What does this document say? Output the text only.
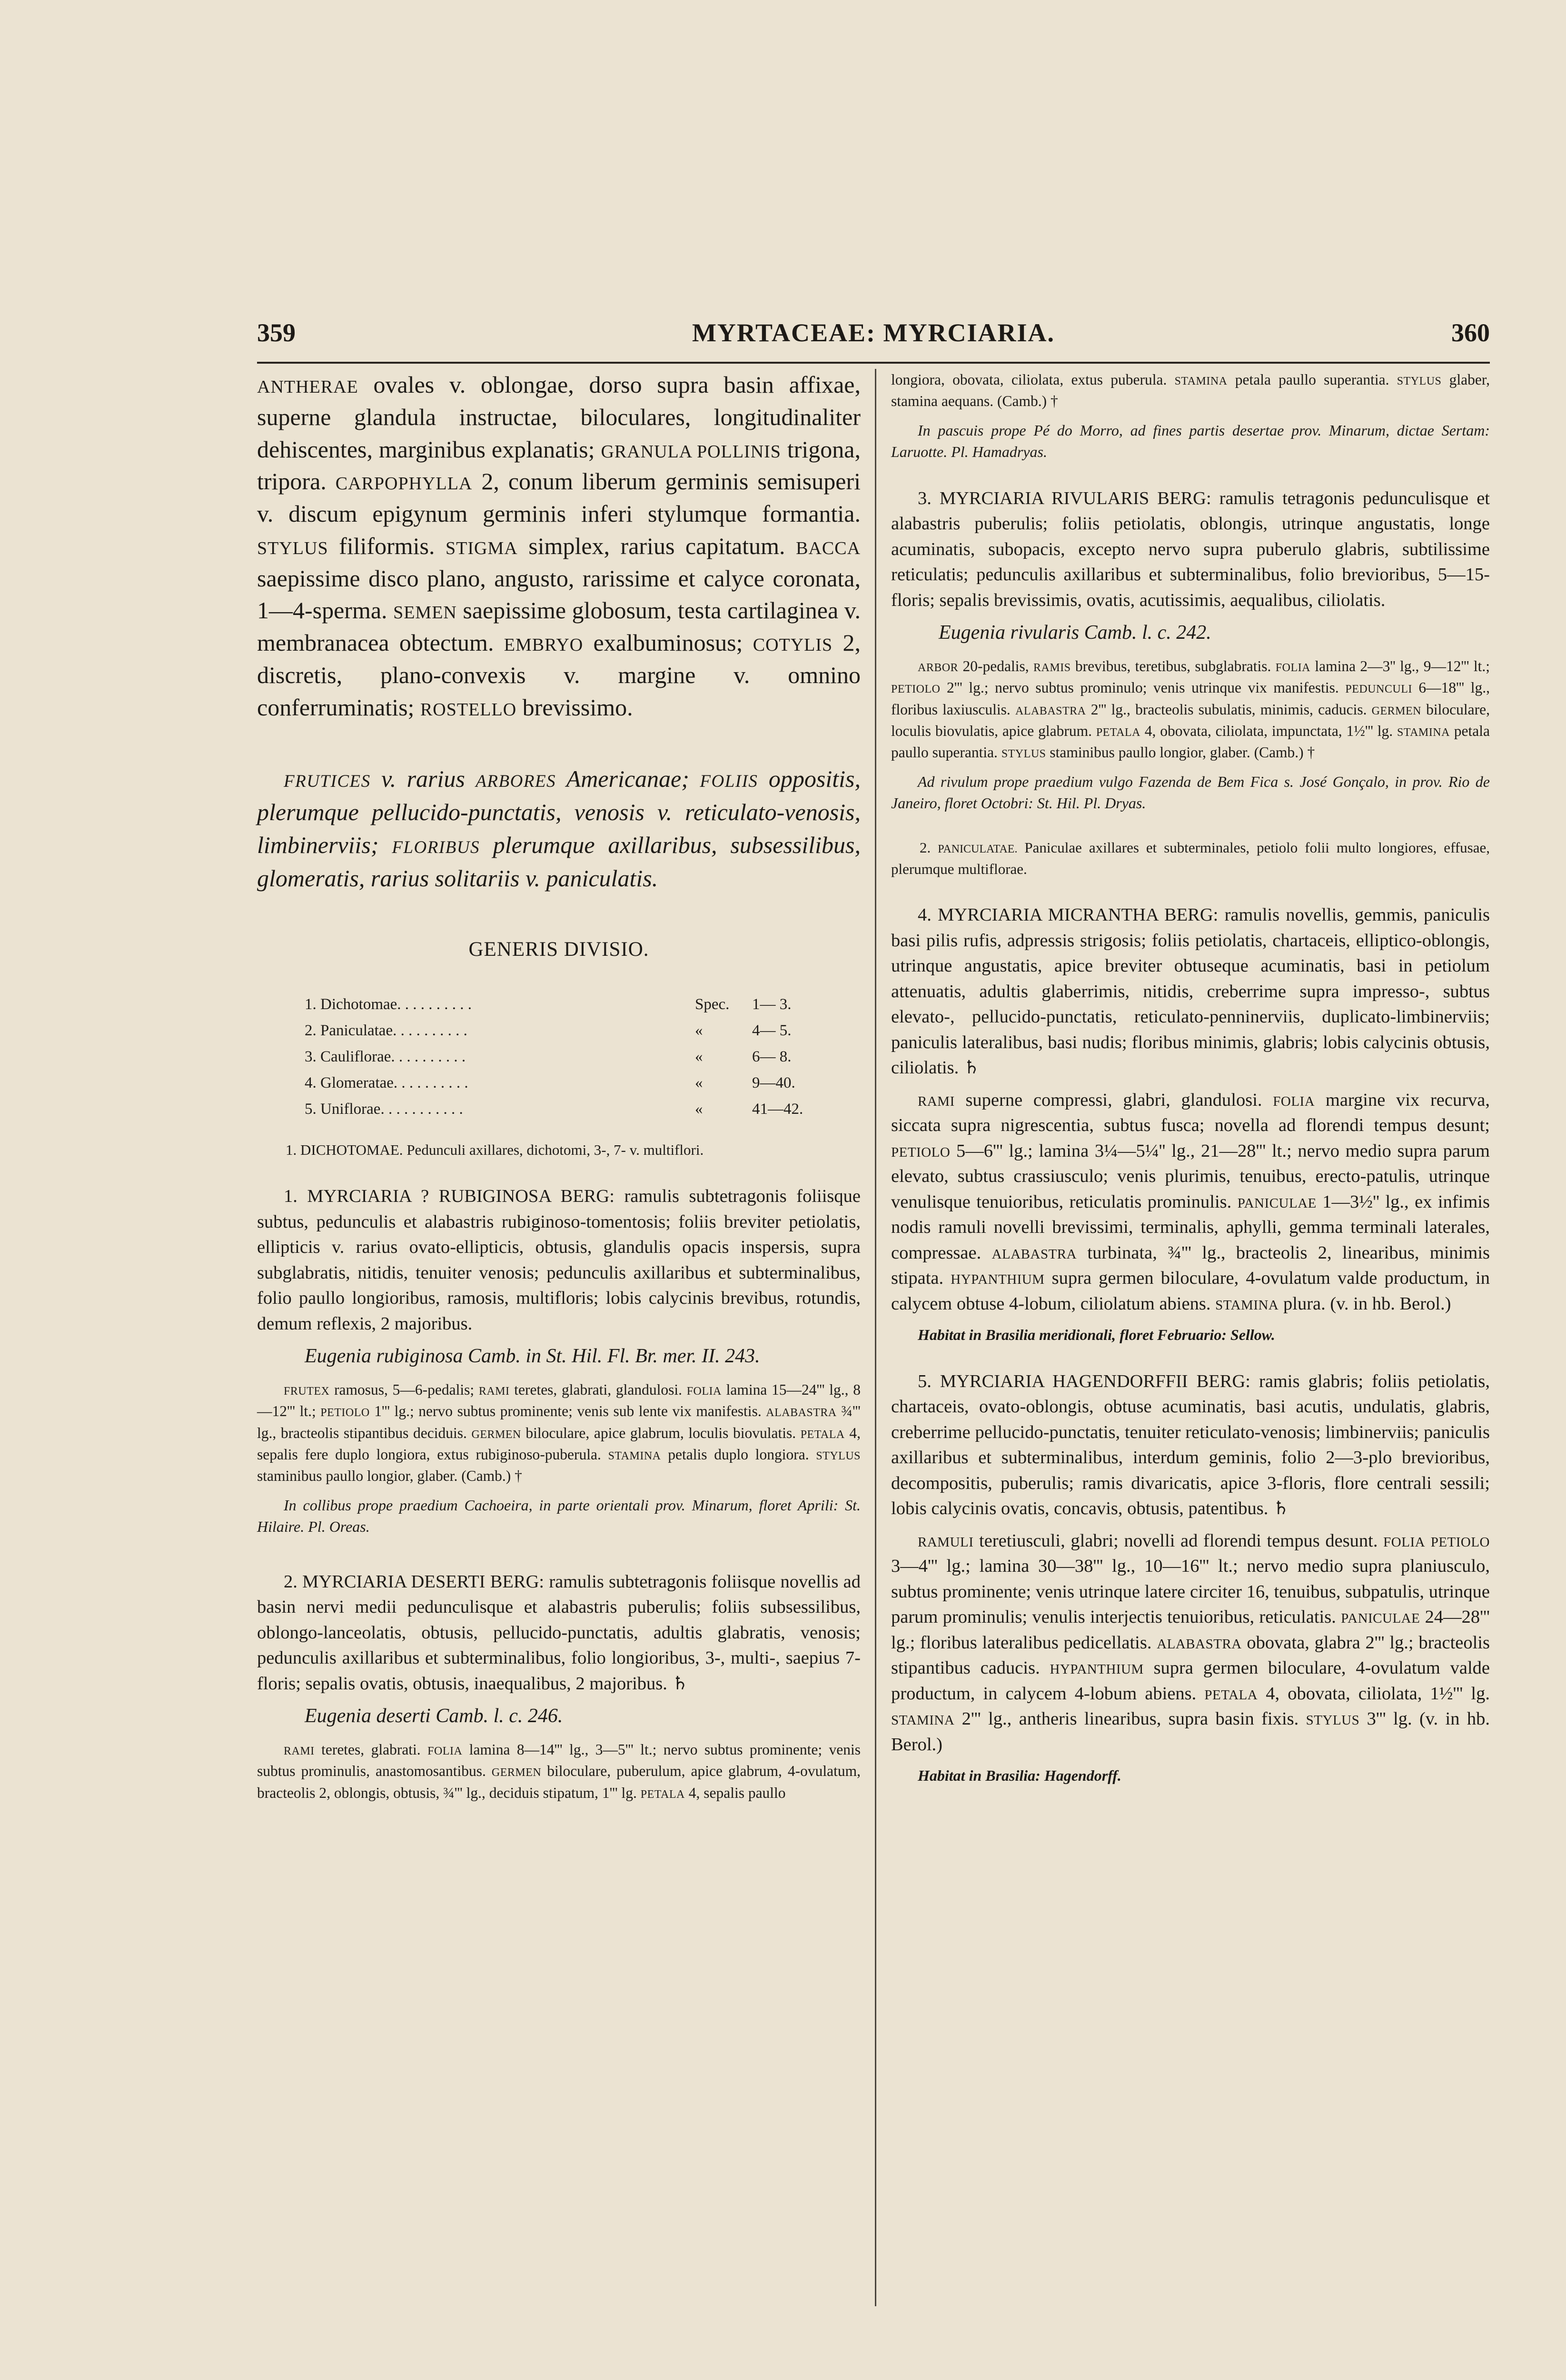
359	MYRTACEAE: MYRCIARIA.	360

ANTHERAE ovales v. oblongae, dorso supra basin affixae, superne glandula instructae, biloculares, longitudinaliter dehiscentes, marginibus explanatis; GRANULA POLLINIS trigona, tripora. CARPOPHYLLA 2, conum liberum germinis semisuperi v. discum epigynum germinis inferi stylumque formantia. STYLUS filiformis. STIGMA simplex, rarius capitatum. BACCA saepissime disco plano, angusto, rarissime et calyce coronata, 1—4-sperma. SEMEN saepissime globosum, testa cartilaginea v. membranacea obtectum. EMBRYO exalbuminosus; COTYLIS 2, discretis, plano-convexis v. margine v. omnino conferruminatis; ROSTELLO brevissimo.

FRUTICES v. rarius ARBORES Americanae; FOLIIS oppositis, plerumque pellucido-punctatis, venosis v. reticulato-venosis, limbinerviis; FLORIBUS plerumque axillaribus, subsessilibus, glomeratis, rarius solitariis v. paniculatis.

GENERIS DIVISIO.
1. Dichotomae. . . . . . . . . .	Spec. 1— 3.
2. Paniculatae. . . . . . . . . .	«	4— 5.
3. Cauliflorae. . . . . . . . . .	«	6— 8.
4. Glomeratae. . . . . . . . . .	«	9—40.
5. Uniflorae. . . . . . . . . . .	«	41—42.

1. DICHOTOMAE. Pedunculi axillares, dichotomi, 3-, 7- v. multiflori.

1. MYRCIARIA ? RUBIGINOSA BERG: ramulis subtetragonis foliisque subtus, pedunculis et alabastris rubiginoso-tomentosis; foliis breviter petiolatis, ellipticis v. rarius ovato-ellipticis, obtusis, glandulis opacis inspersis, supra subglabratis, nitidis, tenuiter venosis; pedunculis axillaribus et subterminalibus, folio paullo longioribus, ramosis, multifloris; lobis calycinis brevibus, rotundis, demum reflexis, 2 majoribus.

Eugenia rubiginosa Camb. in St. Hil. Fl. Br. mer. II. 243.

FRUTEX ramosus, 5—6-pedalis; RAMI teretes, glabrati, glandulosi. FOLIA lamina 15—24''' lg., 8—12''' lt.; PETIOLO 1''' lg.; nervo subtus prominente; venis sub lente vix manifestis. ALABASTRA ¾''' lg., bracteolis stipantibus deciduis. GERMEN biloculare, apice glabrum, loculis biovulatis. PETALA 4, sepalis fere duplo longiora, extus rubiginoso-puberula. STAMINA petalis duplo longiora. STYLUS staminibus paullo longior, glaber. (Camb.) †

In collibus prope praedium Cachoeira, in parte orientali prov. Minarum, floret Aprili: St. Hilaire. Pl. Oreas.

2. MYRCIARIA DESERTI BERG: ramulis subtetragonis foliisque novellis ad basin nervi medii pedunculisque et alabastris puberulis; foliis subsessilibus, oblongo-lanceolatis, obtusis, pellucido-punctatis, adultis glabratis, venosis; pedunculis axillaribus et subterminalibus, folio longioribus, 3-, multi-, saepius 7-floris; sepalis ovatis, obtusis, inaequalibus, 2 majoribus. ♄

Eugenia deserti Camb. l. c. 246.

RAMI teretes, glabrati. FOLIA lamina 8—14''' lg., 3—5''' lt.; nervo subtus prominente; venis subtus prominulis, anastomosantibus. GERMEN biloculare, puberulum, apice glabrum, 4-ovulatum, bracteolis 2, oblongis, obtusis, ¾''' lg., deciduis stipatum, 1''' lg. PETALA 4, sepalis paullo

longiora, obovata, ciliolata, extus puberula. STAMINA petala paullo superantia. STYLUS glaber, stamina aequans. (Camb.) †

In pascuis prope Pé do Morro, ad fines partis desertae prov. Minarum, dictae Sertam: Laruotte. Pl. Hamadryas.

3. MYRCIARIA RIVULARIS BERG: ramulis tetragonis pedunculisque et alabastris puberulis; foliis petiolatis, oblongis, utrinque angustatis, longe acuminatis, subopacis, excepto nervo supra puberulo glabris, subtilissime reticulatis; pedunculis axillaribus et subterminalibus, folio brevioribus, 5—15-floris; sepalis brevissimis, ovatis, acutissimis, aequalibus, ciliolatis.

Eugenia rivularis Camb. l. c. 242.

ARBOR 20-pedalis, RAMIS brevibus, teretibus, subglabratis. FOLIA lamina 2—3'' lg., 9—12''' lt.; PETIOLO 2''' lg.; nervo subtus prominulo; venis utrinque vix manifestis. PEDUNCULI 6—18''' lg., floribus laxiusculis. ALABASTRA 2''' lg., bracteolis subulatis, minimis, caducis. GERMEN biloculare, loculis biovulatis, apice glabrum. PETALA 4, obovata, ciliolata, impunctata, 1½''' lg. STAMINA petala paullo superantia. STYLUS staminibus paullo longior, glaber. (Camb.) †

Ad rivulum prope praedium vulgo Fazenda de Bem Fica s. José Gonçalo, in prov. Rio de Janeiro, floret Octobri: St. Hil. Pl. Dryas.

2. PANICULATAE. Paniculae axillares et subterminales, petiolo folii multo longiores, effusae, plerumque multiflorae.

4. MYRCIARIA MICRANTHA BERG: ramulis novellis, gemmis, paniculis basi pilis rufis, adpressis strigosis; foliis petiolatis, chartaceis, elliptico-oblongis, utrinque angustatis, apice breviter obtuseque acuminatis, basi in petiolum attenuatis, adultis glaberrimis, nitidis, creberrime supra impresso-, subtus elevato-, pellucido-punctatis, reticulato-penninerviis, duplicato-limbinerviis; paniculis lateralibus, basi nudis; floribus minimis, glabris; lobis calycinis obtusis, ciliolatis. ♄

RAMI superne compressi, glabri, glandulosi. FOLIA margine vix recurva, siccata supra nigrescentia, subtus fusca; novella ad florendi tempus desunt; PETIOLO 5—6''' lg.; lamina 3¼—5¼'' lg., 21—28''' lt.; nervo medio supra parum elevato, subtus crassiusculo; venis plurimis, tenuibus, erecto-patulis, utrinque venulisque tenuioribus, reticulatis prominulis. PANICULAE 1—3½'' lg., ex infimis nodis ramuli novelli brevissimi, terminalis, aphylli, gemma terminali laterales, compressae. ALABASTRA turbinata, ¾''' lg., bracteolis 2, linearibus, minimis stipata. HYPANTHIUM supra germen biloculare, 4-ovulatum valde productum, in calycem obtuse 4-lobum, ciliolatum abiens. STAMINA plura. (v. in hb. Berol.)

Habitat in Brasilia meridionali, floret Februario: Sellow.

5. MYRCIARIA HAGENDORFFII BERG: ramis glabris; foliis petiolatis, chartaceis, ovato-oblongis, obtuse acuminatis, basi acutis, undulatis, glabris, creberrime pellucido-punctatis, tenuiter reticulato-venosis; limbinerviis; paniculis axillaribus et subterminalibus, interdum geminis, folio 2—3-plo brevioribus, decompositis, puberulis; ramis divaricatis, apice 3-floris, flore centrali sessili; lobis calycinis ovatis, concavis, obtusis, patentibus. ♄

RAMULI teretiusculi, glabri; novelli ad florendi tempus desunt. FOLIA PETIOLO 3—4''' lg.; lamina 30—38''' lg., 10—16''' lt.; nervo medio supra planiusculo, subtus prominente; venis utrinque latere circiter 16, tenuibus, subpatulis, utrinque parum prominulis; venulis interjectis tenuioribus, reticulatis. PANICULAE 24—28''' lg.; floribus lateralibus pedicellatis. ALABASTRA obovata, glabra 2''' lg.; bracteolis stipantibus caducis. HYPANTHIUM supra germen biloculare, 4-ovulatum valde productum, in calycem 4-lobum abiens. PETALA 4, obovata, ciliolata, 1½''' lg. STAMINA 2''' lg., antheris linearibus, supra basin fixis. STYLUS 3''' lg. (v. in hb. Berol.)

Habitat in Brasilia: Hagendorff.
